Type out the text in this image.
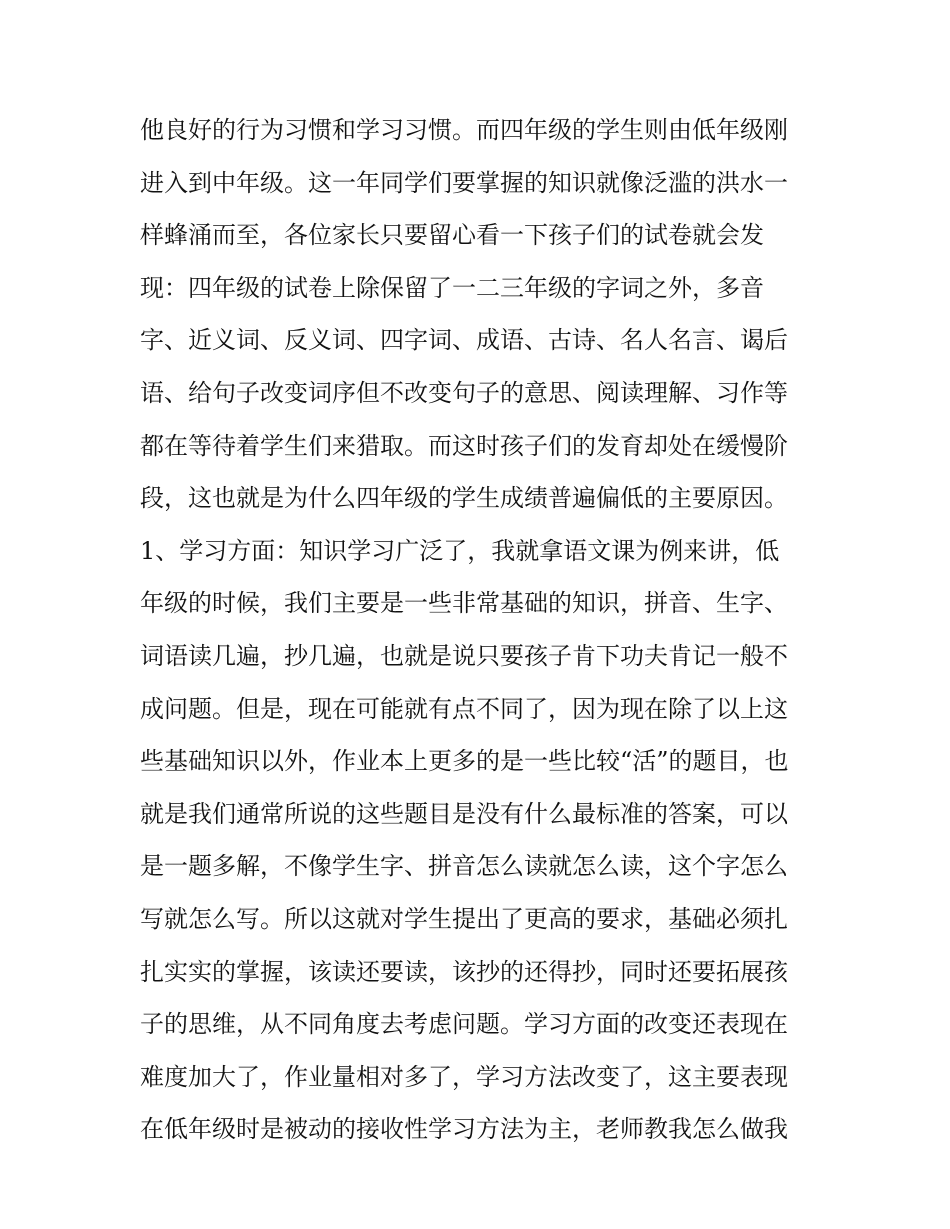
他良好的行为习惯和学习习惯。而四年级的学生则由低年级刚
进入到中年级。这一年同学们要掌握的知识就像泛滥的洪水一
样蜂涌而至，各位家长只要留心看一下孩子们的试卷就会发
现：四年级的试卷上除保留了一二三年级的字词之外，多音
字、近义词、反义词、四字词、成语、古诗、名人名言、谒后
语、给句子改变词序但不改变句子的意思、阅读理解、习作等
都在等待着学生们来猎取。而这时孩子们的发育却处在缓慢阶
段，这也就是为什么四年级的学生成绩普遍偏低的主要原因。
1、学习方面：知识学习广泛了，我就拿语文课为例来讲，低
年级的时候，我们主要是一些非常基础的知识，拼音、生字、
词语读几遍，抄几遍，也就是说只要孩子肯下功夫肯记一般不
成问题。但是，现在可能就有点不同了，因为现在除了以上这
些基础知识以外，作业本上更多的是一些比较“活”的题目，也
就是我们通常所说的这些题目是没有什么最标准的答案，可以
是一题多解，不像学生字、拼音怎么读就怎么读，这个字怎么
写就怎么写。所以这就对学生提出了更高的要求，基础必须扎
扎实实的掌握，该读还要读，该抄的还得抄，同时还要拓展孩
子的思维，从不同角度去考虑问题。学习方面的改变还表现在
难度加大了，作业量相对多了，学习方法改变了，这主要表现
在低年级时是被动的接收性学习方法为主，老师教我怎么做我
